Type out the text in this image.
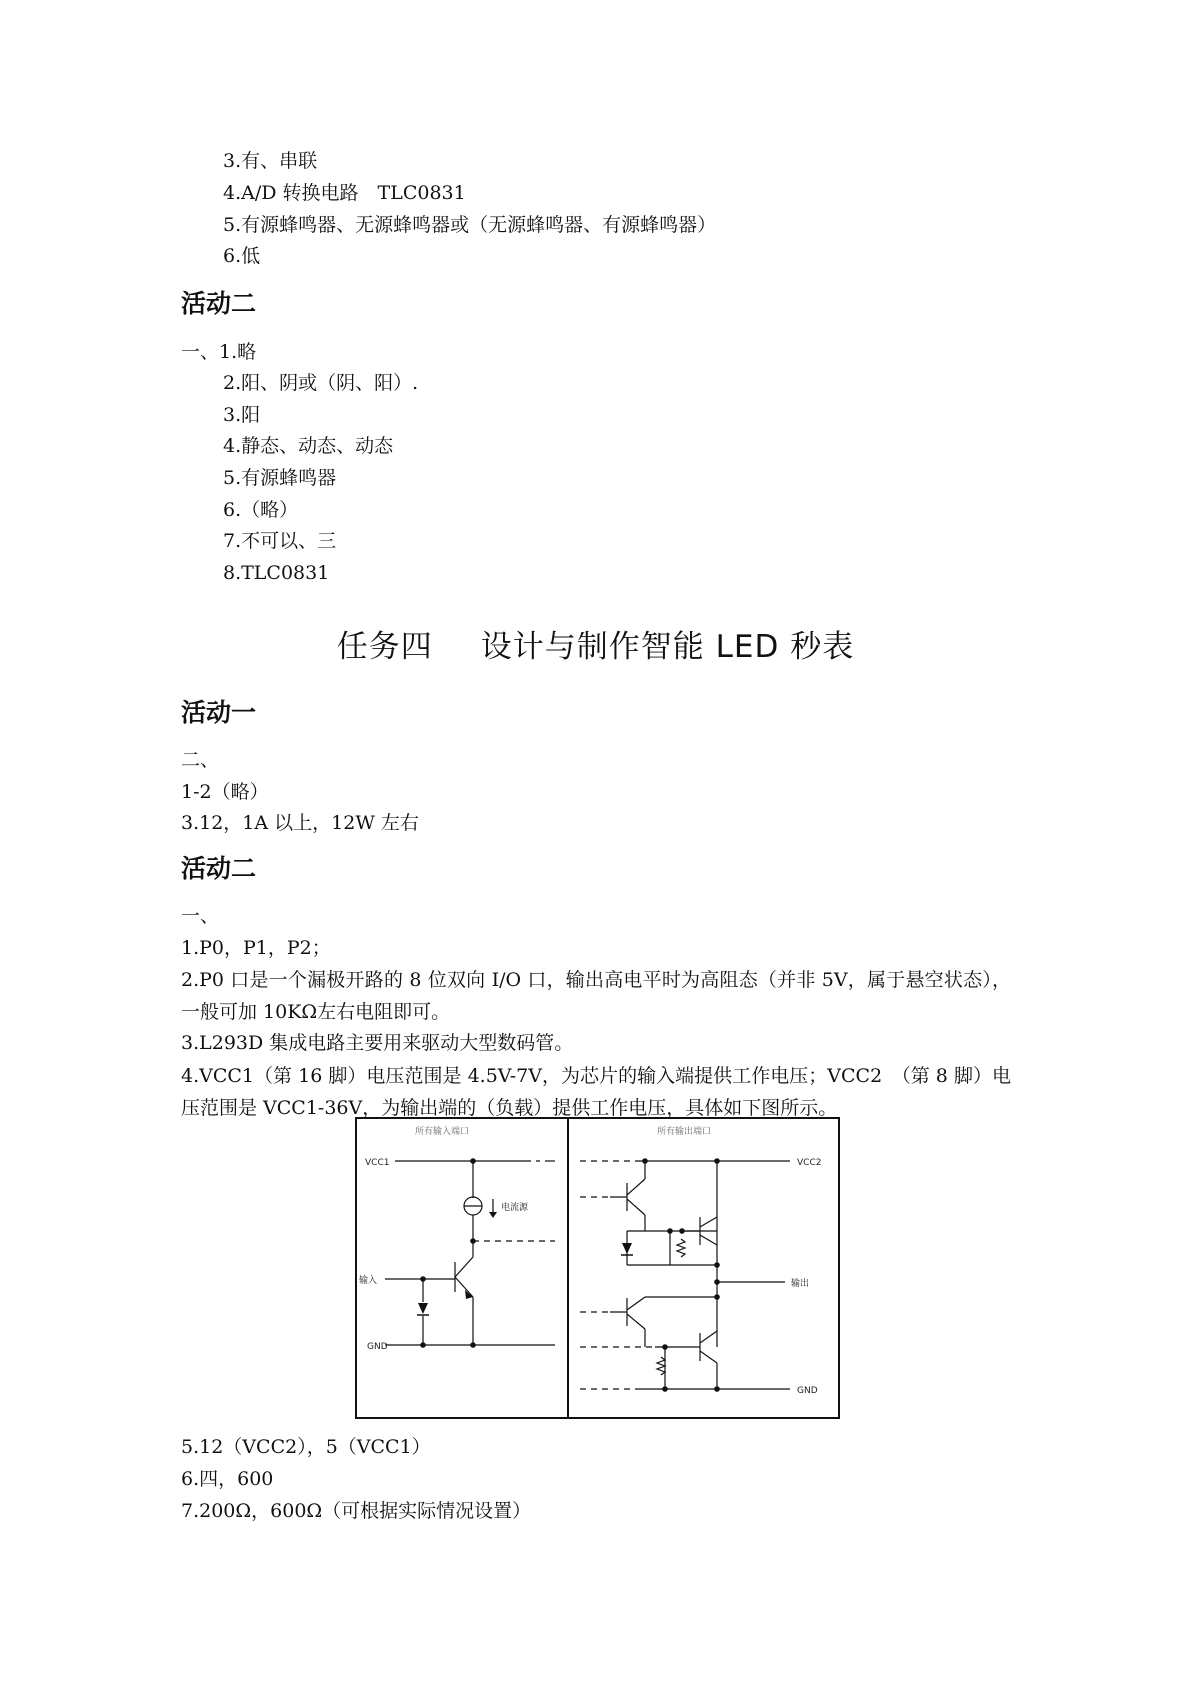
3.有、串联
4.A/D 转换电路　TLC0831
5.有源蜂鸣器、无源蜂鸣器或（无源蜂鸣器、有源蜂鸣器）
6.低
活动二
一、1.略
2.阳、阴或（阴、阳）.
3.阳
4.静态、动态、动态
5.有源蜂鸣器
6.（略）
7.不可以、三
8.TLC0831
任务四 设计与制作智能 LED 秒表
活动一
二、
1-2（略）
3.12，1A 以上，12W 左右
活动二
一、
1.P0，P1，P2；
2.P0 口是一个漏极开路的 8 位双向 I/O 口，输出高电平时为高阻态（并非 5V，属于悬空状态），一般可加 10KΩ左右电阻即可。
3.L293D 集成电路主要用来驱动大型数码管。
4.VCC1（第 16 脚）电压范围是 4.5V-7V，为芯片的输入端提供工作电压；VCC2　（第 8 脚）电压范围是 VCC1-36V，为输出端的（负载）提供工作电压，具体如下图所示。
所有输入端口
VCC1
电流源
输入
GND
所有输出端口
VCC2
输出
GND
5.12（VCC2），5（VCC1）
6.四，600
7.200Ω，600Ω（可根据实际情况设置）
